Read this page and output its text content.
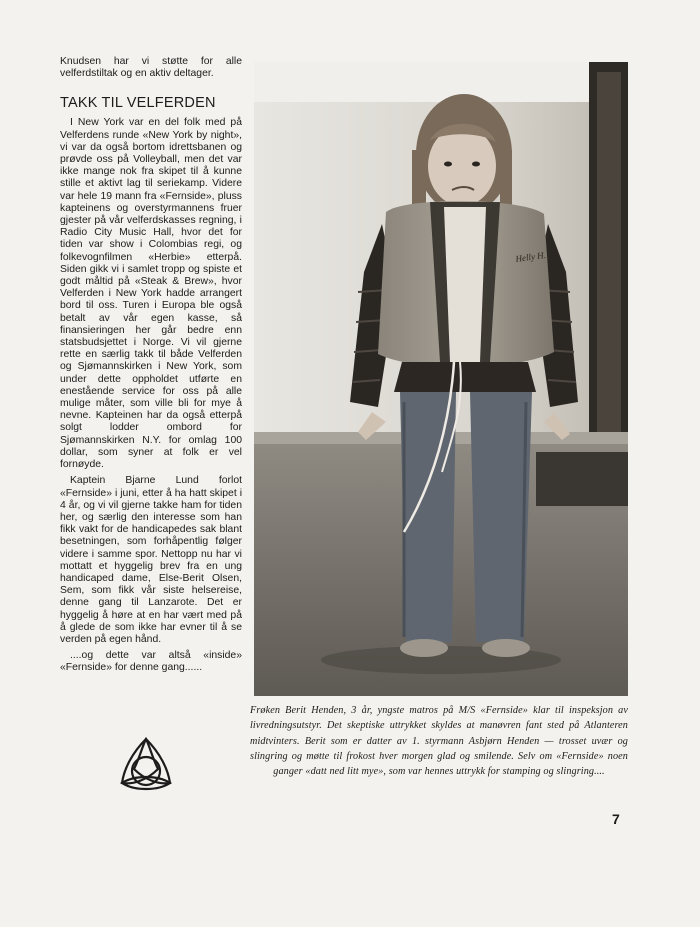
Knudsen har vi støtte for alle velferdstiltak og en aktiv deltager.

TAKK TIL VELFERDEN

I New York var en del folk med på Velferdens runde «New York by night», vi var da også bortom idrettsbanen og prøvde oss på Volleyball, men det var ikke mange nok fra skipet til å kunne stille et aktivt lag til seriekamp. Videre var hele 19 mann fra «Fernside», pluss kapteinens og overstyrmannens fruer gjester på vår velferdskasses regning, i Radio City Music Hall, hvor det for tiden var show i Colombias regi, og folkevognfilmen «Herbie» etterpå. Siden gikk vi i samlet tropp og spiste et godt måltid på «Steak & Brew», hvor Velferden i New York hadde arrangert bord til oss. Turen i Europa ble også betalt av vår egen kasse, så finansieringen her går bedre enn statsbudsjettet i Norge. Vi vil gjerne rette en særlig takk til både Velferden og Sjømannskirken i New York, som under dette oppholdet utførte en enestående service for oss på alle mulige måter, som ville bli for mye å nevne. Kapteinen har da også etterpå solgt lodder ombord for Sjømannskirken N.Y. for omlag 100 dollar, som syner at folk er vel fornøyde.

Kaptein Bjarne Lund forlot «Fernside» i juni, etter å ha hatt skipet i 4 år, og vi vil gjerne takke ham for tiden her, og særlig den interesse som han fikk vakt for de handicapedes sak blant besetningen, som forhåpentlig følger videre i samme spor. Nettopp nu har vi mottatt et hyggelig brev fra en ung handicaped dame, Else-Berit Olsen, Sem, som fikk vår siste helsereise, denne gang til Lanzarote. Det er hyggelig å høre at en har vært med på å glede de som ikke har evner til å se verden på egen hånd.

....og dette var altså «inside» «Fernside» for denne gang......

Helly H.
Frøken Berit Henden, 3 år, yngste matros på M/S «Fernside» klar til inspeksjon av livredningsutstyr. Det skeptiske uttrykket skyldes at manøvren fant sted på Atlanteren midtvinters. Berit som er datter av 1. styrmann Asbjørn Henden — trosset uvær og slingring og møtte til frokost hver morgen glad og smilende. Selv om «Fernside» noen ganger «datt ned litt mye», som var hennes uttrykk for stamping og slingring....
7
